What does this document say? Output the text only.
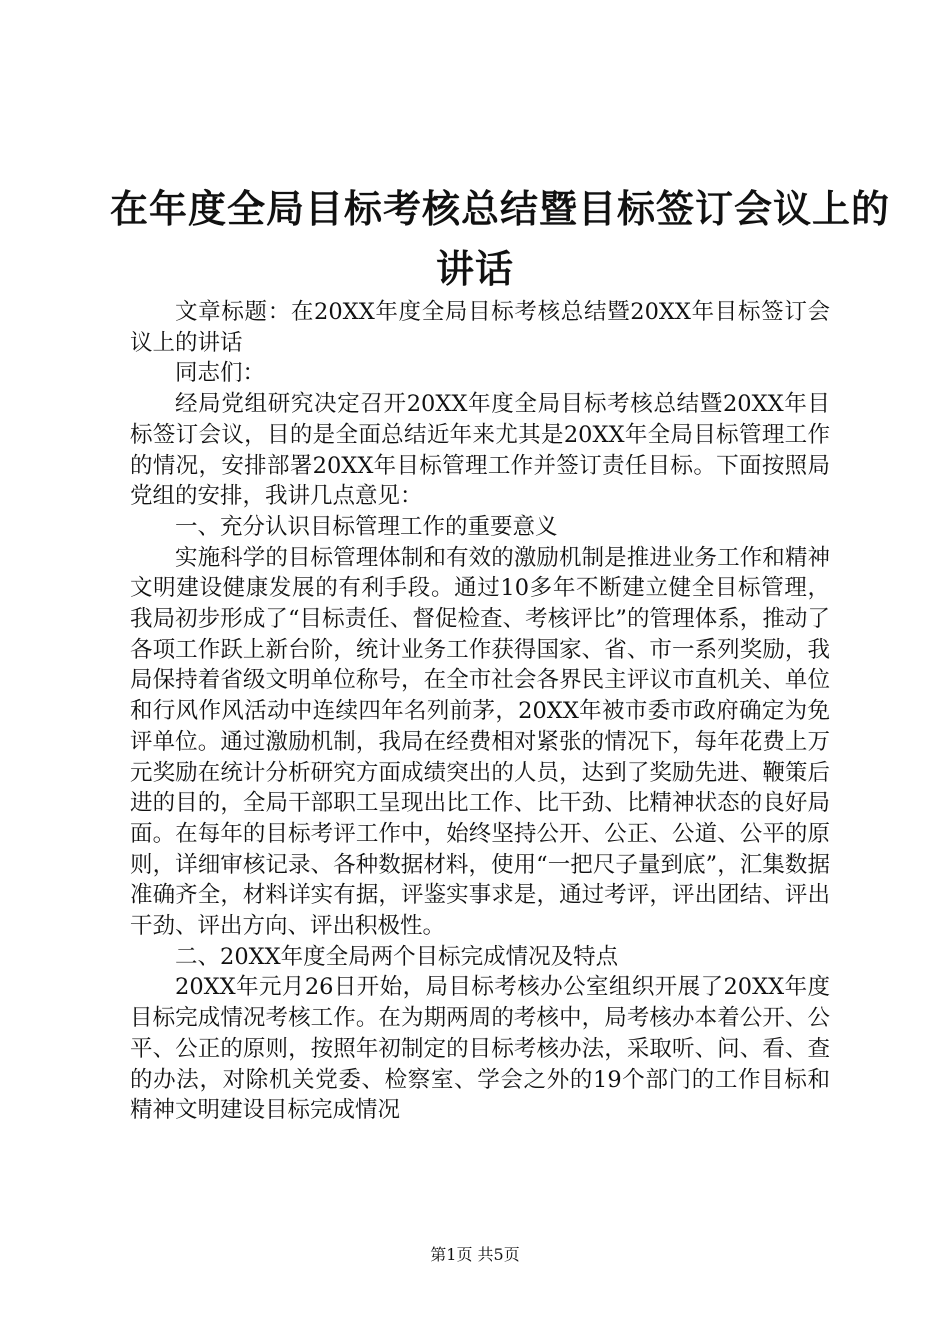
在年度全局目标考核总结暨目标签订会议上的
讲话

文章标题：在20XX年度全局目标考核总结暨20XX年目标签订会议上的讲话

同志们：

经局党组研究决定召开20XX年度全局目标考核总结暨20XX年目标签订会议，目的是全面总结近年来尤其是20XX年全局目标管理工作的情况，安排部署20XX年目标管理工作并签订责任目标。下面按照局党组的安排，我讲几点意见：

一、充分认识目标管理工作的重要意义

实施科学的目标管理体制和有效的激励机制是推进业务工作和精神文明建设健康发展的有利手段。通过10多年不断建立健全目标管理，我局初步形成了“目标责任、督促检查、考核评比”的管理体系，推动了各项工作跃上新台阶，统计业务工作获得国家、省、市一系列奖励，我局保持着省级文明单位称号，在全市社会各界民主评议市直机关、单位和行风作风活动中连续四年名列前茅，20XX年被市委市政府确定为免评单位。通过激励机制，我局在经费相对紧张的情况下，每年花费上万元奖励在统计分析研究方面成绩突出的人员，达到了奖励先进、鞭策后进的目的，全局干部职工呈现出比工作、比干劲、比精神状态的良好局面。在每年的目标考评工作中，始终坚持公开、公正、公道、公平的原则，详细审核记录、各种数据材料，使用“一把尺子量到底”，汇集数据准确齐全，材料详实有据，评鉴实事求是，通过考评，评出团结、评出干劲、评出方向、评出积极性。

二、20XX年度全局两个目标完成情况及特点

20XX年元月26日开始，局目标考核办公室组织开展了20XX年度目标完成情况考核工作。在为期两周的考核中，局考核办本着公开、公平、公正的原则，按照年初制定的目标考核办法，采取听、问、看、查的办法，对除机关党委、检察室、学会之外的19个部门的工作目标和精神文明建设目标完成情况

第1页 共5页
